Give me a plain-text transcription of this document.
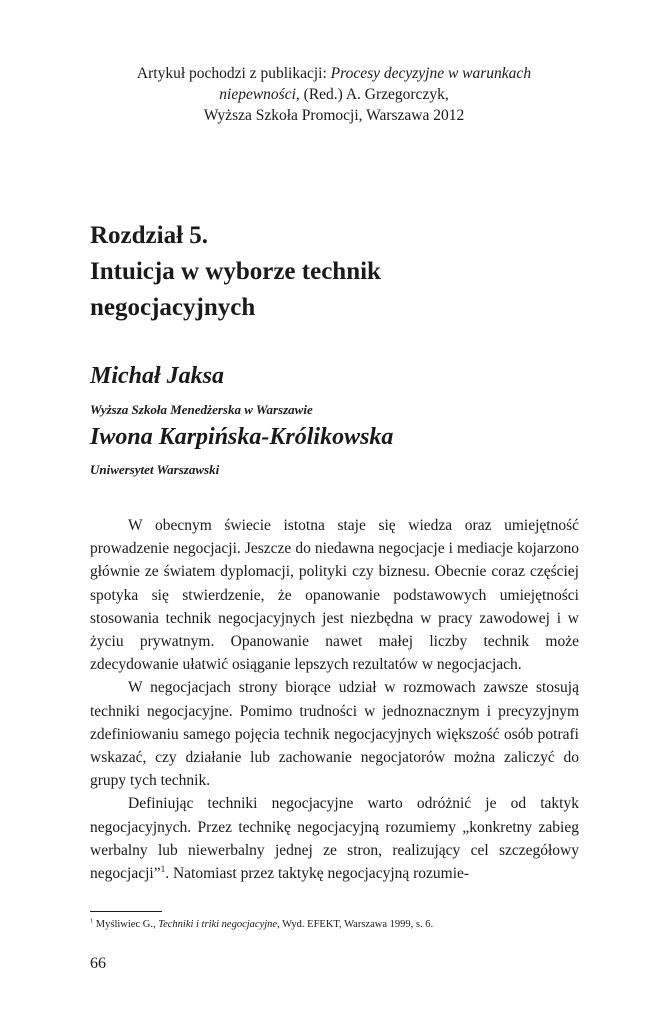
Artykuł pochodzi z publikacji: Procesy decyzyjne w warunkach
niepewności, (Red.) A. Grzegorczyk,
Wyższa Szkoła Promocji, Warszawa 2012
Rozdział 5.
Intuicja w wyborze technik
negocjacyjnych
Michał Jaksa
Wyższa Szkoła Menedżerska w Warszawie
Iwona Karpińska-Królikowska
Uniwersytet Warszawski

W obecnym świecie istotna staje się wiedza oraz umiejętność prowadzenie negocjacji. Jeszcze do niedawna negocjacje i mediacje kojarzono głównie ze światem dyplomacji, polityki czy biznesu. Obecnie coraz częściej spotyka się stwierdzenie, że opanowanie podstawowych umiejętności stosowania technik negocjacyjnych jest niezbędna w pracy zawodowej i w życiu prywatnym. Opanowanie nawet małej liczby technik może zdecydowanie ułatwić osiąganie lepszych rezultatów w negocjacjach.

W negocjacjach strony biorące udział w rozmowach zawsze stosują techniki negocjacyjne. Pomimo trudności w jednoznacznym i precyzyjnym zdefiniowaniu samego pojęcia technik negocjacyjnych większość osób potrafi wskazać, czy działanie lub zachowanie negocjatorów można zaliczyć do grupy tych technik.

Definiując techniki negocjacyjne warto odróżnić je od taktyk negocjacyjnych. Przez technikę negocjacyjną rozumiemy „konkretny zabieg werbalny lub niewerbalny jednej ze stron, realizujący cel szczegółowy negocjacji”$^1$. Natomiast przez taktykę negocjacyjną rozumie-

$^1$ Myśliwiec G., Techniki i triki negocjacyjne, Wyd. EFEKT, Warszawa 1999, s. 6.
66
